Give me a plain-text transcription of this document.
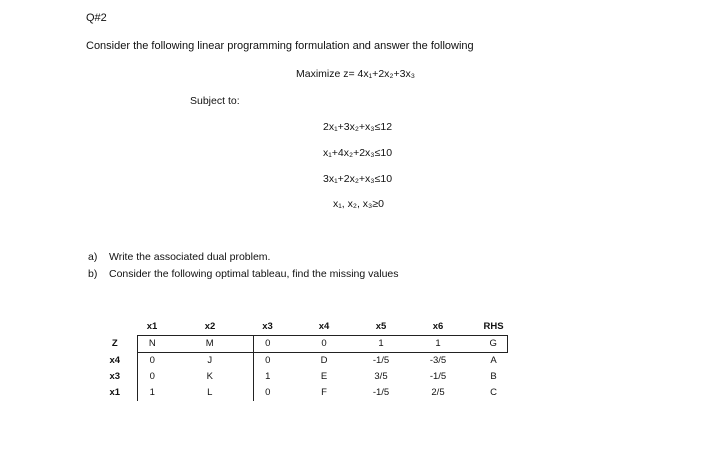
Q#2
Consider the following linear programming formulation and answer the following
Maximize z= 4x₁+2x₂+3x₃
Subject to:
2x₁+3x₂+x₃≤12
x₁+4x₂+2x₃≤10
3x₁+2x₂+x₃≤10
x₁, x₂, x₃≥0
a) Write the associated dual problem.
b) Consider the following optimal tableau, find the missing values
	x1	x2	x3	x4	x5	x6	RHS
Z	N	M	0	0	1	1	G
x4	0	J	0	D	-1/5	-3/5	A
x3	0	K	1	E	3/5	-1/5	B
x1	1	L	0	F	-1/5	2/5	C
